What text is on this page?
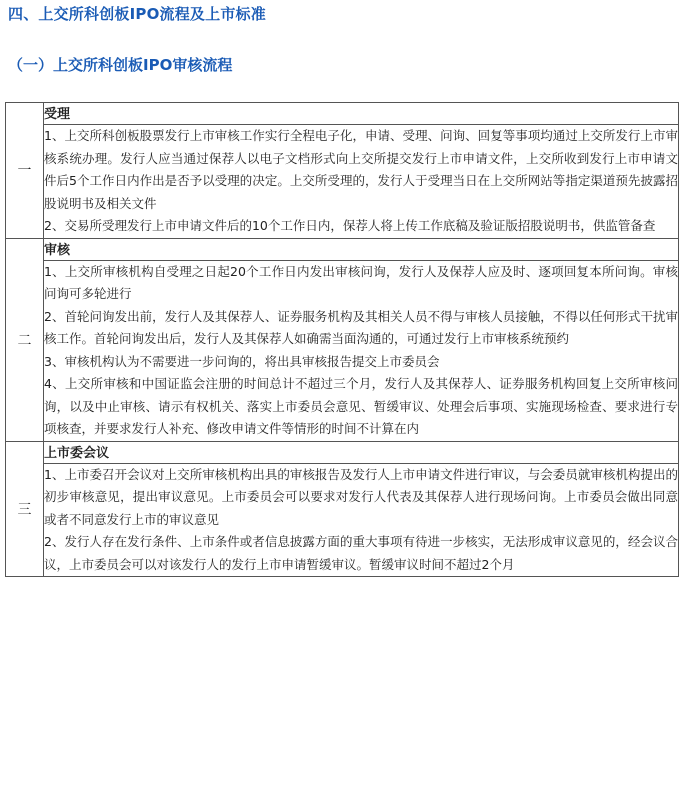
四、上交所科创板IPO流程及上市标准
（一）上交所科创板IPO审核流程
一	受理

	1、上交所科创板股票发行上市审核工作实行全程电子化，申请、受理、问询、回复等事项均通过上交所发行上市审核系统办理。发行人应当通过保荐人以电子文档形式向上交所提交发行上市申请文件，上交所收到发行上市申请文件后5个工作日内作出是否予以受理的决定。上交所受理的，发行人于受理当日在上交所网站等指定渠道预先披露招股说明书及相关文件

2、交易所受理发行上市申请文件后的10个工作日内，保荐人将上传工作底稿及验证版招股说明书，供监管备查

二	审核

	1、上交所审核机构自受理之日起20个工作日内发出审核问询，发行人及保荐人应及时、逐项回复本所问询。审核问询可多轮进行

2、首轮问询发出前，发行人及其保荐人、证券服务机构及其相关人员不得与审核人员接触，不得以任何形式干扰审核工作。首轮问询发出后，发行人及其保荐人如确需当面沟通的，可通过发行上市审核系统预约

3、审核机构认为不需要进一步问询的，将出具审核报告提交上市委员会

4、上交所审核和中国证监会注册的时间总计不超过三个月，发行人及其保荐人、证券服务机构回复上交所审核问询，以及中止审核、请示有权机关、落实上市委员会意见、暂缓审议、处理会后事项、实施现场检查、要求进行专项核查，并要求发行人补充、修改申请文件等情形的时间不计算在内

三	上市委会议

	1、上市委召开会议对上交所审核机构出具的审核报告及发行人上市申请文件进行审议，与会委员就审核机构提出的初步审核意见，提出审议意见。上市委员会可以要求对发行人代表及其保荐人进行现场问询。上市委员会做出同意或者不同意发行上市的审议意见

2、发行人存在发行条件、上市条件或者信息披露方面的重大事项有待进一步核实，无法形成审议意见的，经会议合议，上市委员会可以对该发行人的发行上市申请暂缓审议。暂缓审议时间不超过2个月
